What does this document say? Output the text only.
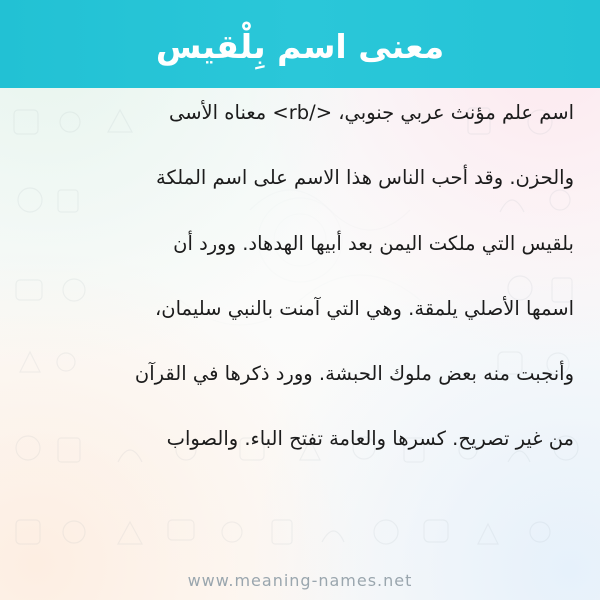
معنى اسم بِلْقيس

اسم علم مؤنث عربي جنوبي، </rb> معناه الأسى

والحزن. وقد أحب الناس هذا الاسم على اسم الملكة

بلقيس التي ملكت اليمن بعد أبيها الهدهاد. وورد أن

اسمها الأصلي يلمقة. وهي التي آمنت بالنبي سليمان،

وأنجبت منه بعض ملوك الحبشة. وورد ذكرها في القرآن

من غير تصريح. كسرها والعامة تفتح الباء. والصواب

www.meaning-names.net
